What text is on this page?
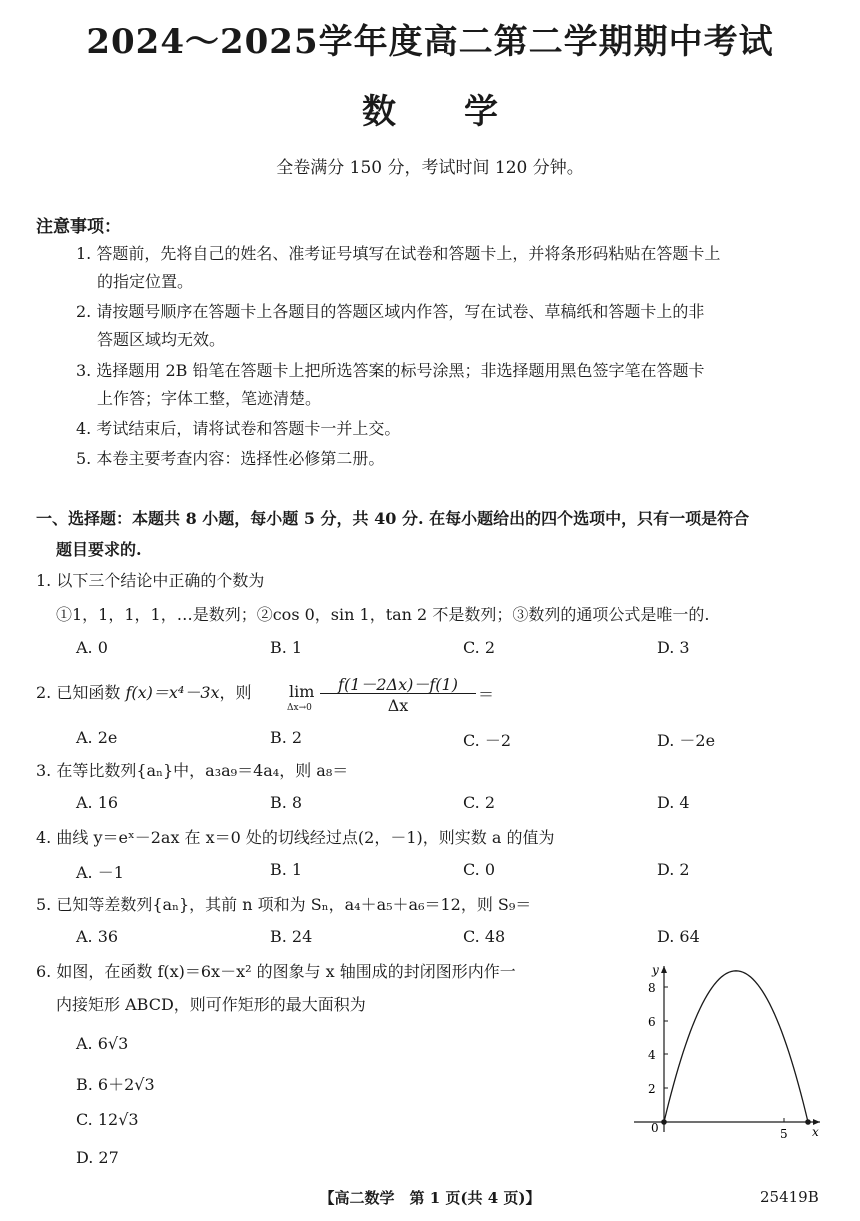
2024～2025学年度高二第二学期期中考试
数 学
全卷满分 150 分，考试时间 120 分钟。
注意事项：
1. 答题前，先将自己的姓名、准考证号填写在试卷和答题卡上，并将条形码粘贴在答题卡上
的指定位置。
2. 请按题号顺序在答题卡上各题目的答题区域内作答，写在试卷、草稿纸和答题卡上的非
答题区域均无效。
3. 选择题用 2B 铅笔在答题卡上把所选答案的标号涂黑；非选择题用黑色签字笔在答题卡
上作答；字体工整，笔迹清楚。
4. 考试结束后，请将试卷和答题卡一并上交。
5. 本卷主要考查内容：选择性必修第二册。
一、选择题：本题共 8 小题，每小题 5 分，共 40 分. 在每小题给出的四个选项中，只有一项是符合
题目要求的.
1. 以下三个结论中正确的个数为
①1，1，1，1，…是数列；②cos 0，sin 1，tan 2 不是数列；③数列的通项公式是唯一的.
A. 0	B. 1	C. 2	D. 3
2. 已知函数 f(x)＝x⁴－3x，则 lim
Δx→0
f(1－2Δx)－f(1)
Δx
＝
A. 2e	B. 2	C. －2	D. －2e
3. 在等比数列{aₙ}中，a₃a₉＝4a₄，则 a₈＝
A. 16	B. 8	C. 2	D. 4
4. 曲线 y＝eˣ－2ax 在 x＝0 处的切线经过点(2，－1)，则实数 a 的值为
A. －1	B. 1	C. 0	D. 2
5. 已知等差数列{aₙ}，其前 n 项和为 Sₙ，a₄＋a₅＋a₆＝12，则 S₉＝
A. 36	B. 24	C. 48	D. 64
6. 如图，在函数 f(x)＝6x－x² 的图象与 x 轴围成的封闭图形内作一
内接矩形 ABCD，则可作矩形的最大面积为
A. 6√3
B. 6＋2√3
C. 12√3
D. 27
y
x
8
6
4
2
0	5
【高二数学　第 1 页(共 4 页)】	25419B
